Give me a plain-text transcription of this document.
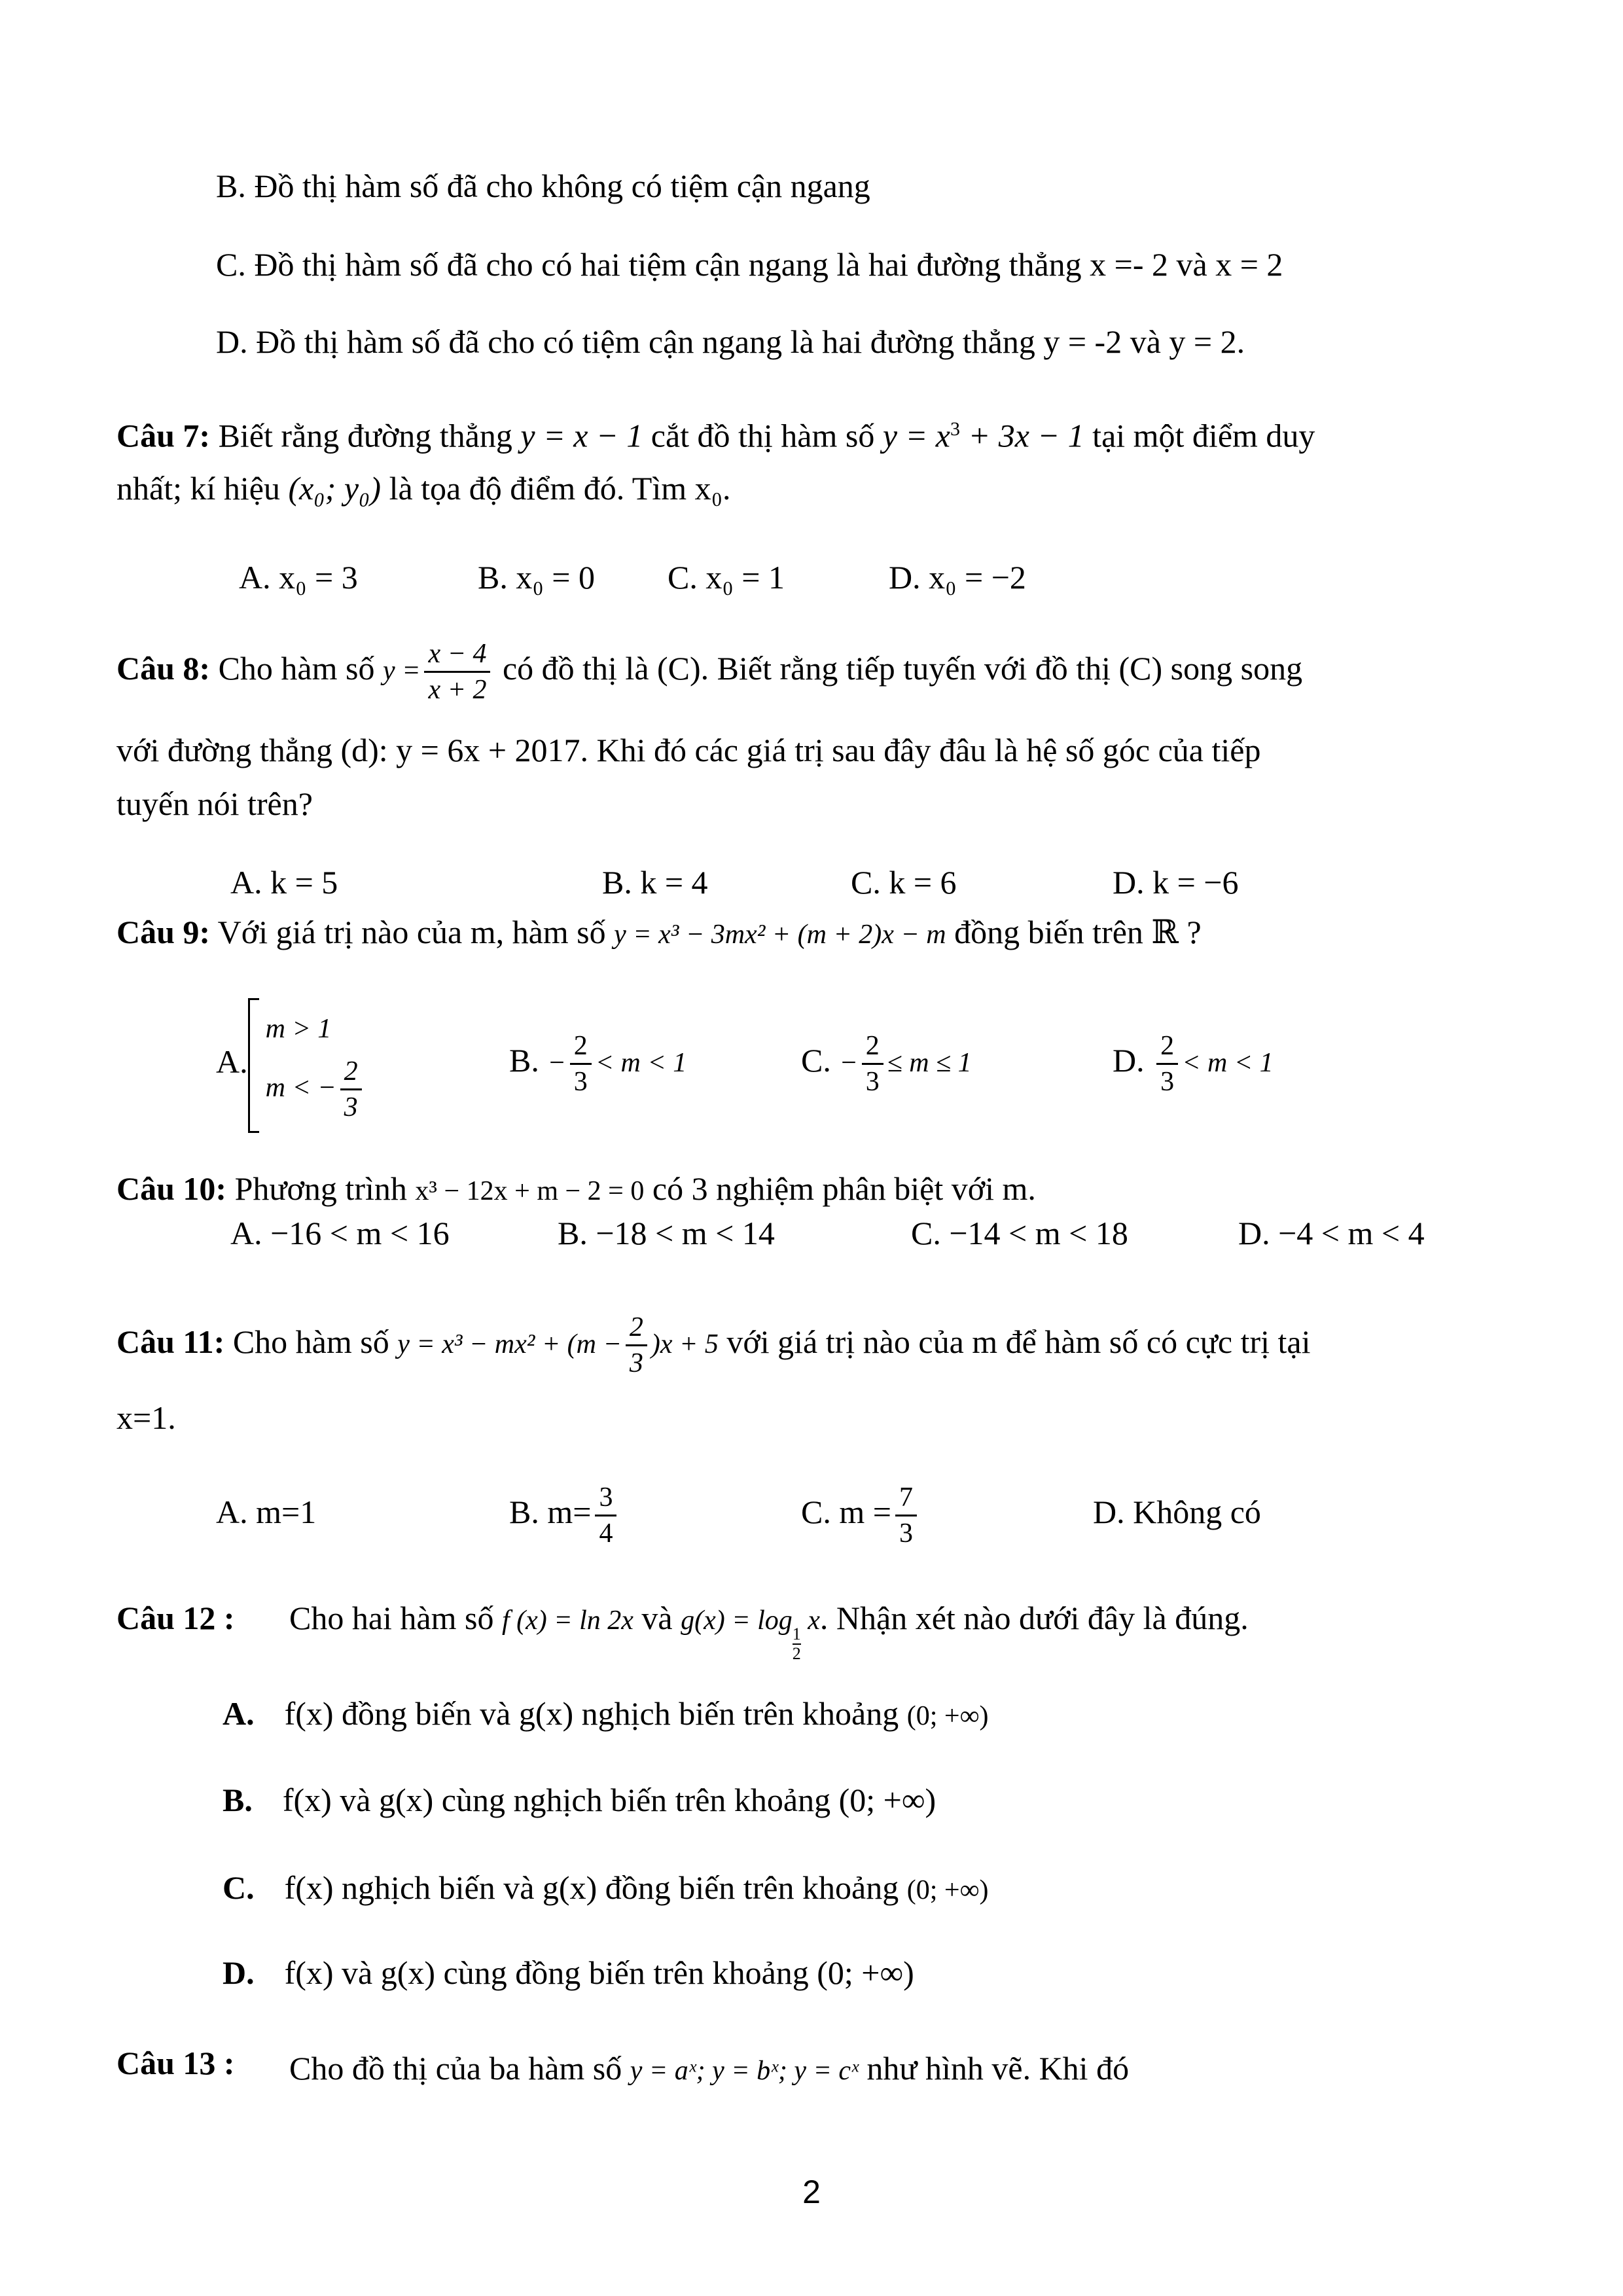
B. Đồ thị hàm số đã cho không có tiệm cận ngang
C. Đồ thị hàm số đã cho có hai tiệm cận ngang là hai đường thẳng x =- 2 và x = 2
D. Đồ thị hàm số đã cho có tiệm cận ngang là hai đường thẳng y = -2 và y = 2.
Câu 7: Biết rằng đường thẳng y = x − 1 cắt đồ thị hàm số $y = x^3 + 3x - 1$ tại một điểm duy
nhất; kí hiệu (x₀; y₀) là tọa độ điểm đó. Tìm x₀.
A. x₀ = 3	B. x₀ = 0 C. x₀ = 1	D. x₀ = −2
Câu 8: Cho hàm số $y = \frac{x - 4}{x + 2}$ có đồ thị là (C). Biết rằng tiếp tuyến với đồ thị (C) song song
với đường thẳng (d): y = 6x + 2017. Khi đó các giá trị sau đây đâu là hệ số góc của tiếp
tuyến nói trên?
A. k = 5	B. k = 4	C. k = 6	D. k = −6
Câu 9: Với giá trị nào của m, hàm số y = x³ − 3mx² + (m + 2)x − m đồng biến trên ℝ ?
A.
m > 1
m < − $\frac{2}{3}$	B. − $\frac{2}{3} < m < 1$	C. − $\frac{2}{3} \le m \le 1$	D. $\frac{2}{3} < m < 1$
Câu 10: Phương trình x³ − 12x + m − 2 = 0 có 3 nghiệm phân biệt với m.
A. −16 < m < 16	B. −18 < m < 14	C. −14 < m < 18	D. −4 < m < 4
Câu 11: Cho hàm số $y = x^3 - mx^2 + (m - \frac{2}{3} )x + 5$ với giá trị nào của m để hàm số có cực trị tại
x=1.
A. m=1	B. $m= \frac{3}{4}$	C. $m = \frac{7}{3}$	D. Không có
Câu 12 : Cho hai hàm số f (x) = ln 2x và g(x) = log
$\frac{1}{2}$
x. Nhận xét nào dưới đây là đúng.
A. f(x) đồng biến và g(x) nghịch biến trên khoảng (0; +∞)
B. f(x) và g(x) cùng nghịch biến trên khoảng (0; +∞)
C. f(x) nghịch biến và g(x) đồng biến trên khoảng (0; +∞)
D. f(x) và g(x) cùng đồng biến trên khoảng (0; +∞)
Câu 13 : Cho đồ thị của ba hàm số y = aˣ; y = bˣ; y = cˣ như hình vẽ. Khi đó
2
